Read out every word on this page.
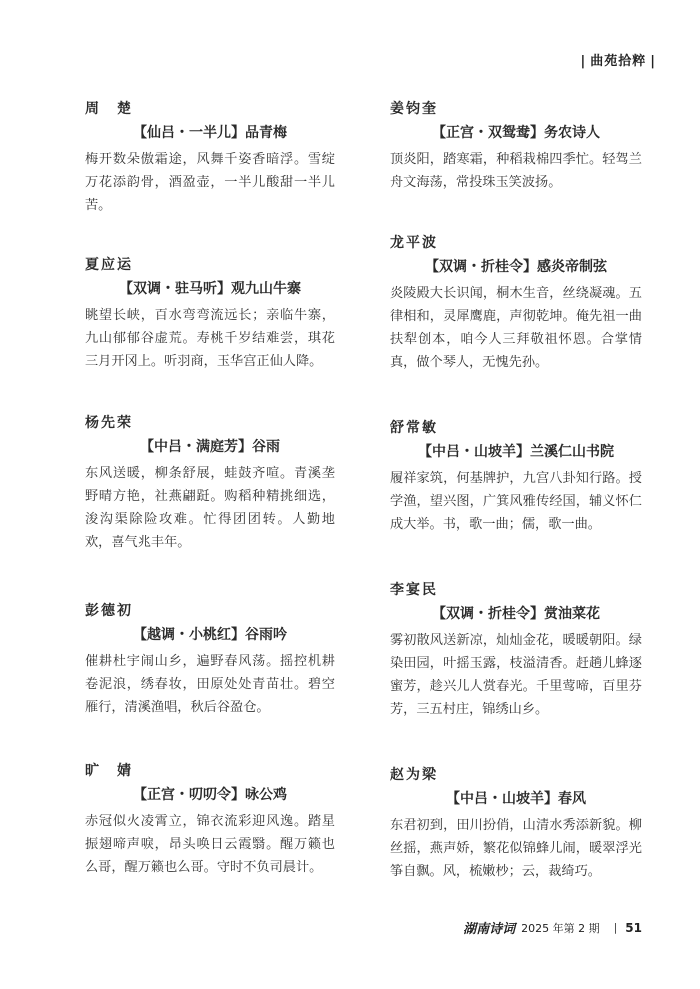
| 曲苑拾粹 |
周　楚
【仙吕・一半儿】品青梅
梅开数朵傲霜途，风舞千姿香暗浮。雪绽万花添韵骨，酒盈壶，一半儿酸甜一半儿苦。
夏应运
【双调・驻马听】观九山牛寨
眺望长峡，百水弯弯流远长；亲临牛寨，九山郁郁谷虚荒。寿桃千岁结难尝，琪花三月开冈上。听羽商，玉华宫正仙人降。
杨先荣
【中吕・满庭芳】谷雨
东风送暖，柳条舒展，蛙鼓齐喧。青溪垄野晴方艳，社燕翩跹。购稻种精挑细选，浚沟渠除险攻难。忙得团团转。人勤地欢，喜气兆丰年。
彭德初
【越调・小桃红】谷雨吟
催耕杜宇闹山乡，遍野春风荡。摇控机耕卷泥浪，绣春妆，田原处处青苗壮。碧空雁行，清溪渔唱，秋后谷盈仓。
旷　婧
【正宫・叨叨令】咏公鸡
赤冠似火凌霄立，锦衣流彩迎风逸。踏星振翅啼声唳，昂头唤日云霞翳。醒万籁也么哥，醒万籁也么哥。守时不负司晨计。
姜钧奎
【正宫・双鸳鸯】务农诗人
顶炎阳，踏寒霜，种稻栽棉四季忙。轻驾兰舟文海荡，常投珠玉笑波扬。
龙平波
【双调・折桂令】感炎帝制弦
炎陵殿大长识闻，桐木生音，丝绕凝魂。五律相和，灵犀鹰鹿，声彻乾坤。俺先祖一曲扶犁创本，咱今人三拜敬祖怀恩。合掌情真，做个琴人，无愧先孙。
舒常敏
【中吕・山坡羊】兰溪仁山书院
履祥家筑，何基牌护，九宫八卦知行路。授学渔，望兴图，广箕风雅传经国，辅义怀仁成大举。书，歌一曲；儒，歌一曲。
李宴民
【双调・折桂令】赏油菜花
雾初散风送新凉，灿灿金花，暖暖朝阳。绿染田园，叶摇玉露，枝溢清香。赶趟儿蜂逐蜜芳，趁兴儿人赏春光。千里莺啼，百里芬芳，三五村庄，锦绣山乡。
赵为梁
【中吕・山坡羊】春风
东君初到，田川扮俏，山清水秀添新貌。柳丝摇，燕声娇，繁花似锦蜂儿闹，暖翠浮光筝自飘。风，梳嫩杪；云，裁绮巧。
湖南诗词 2025 年第 2 期 | 51
